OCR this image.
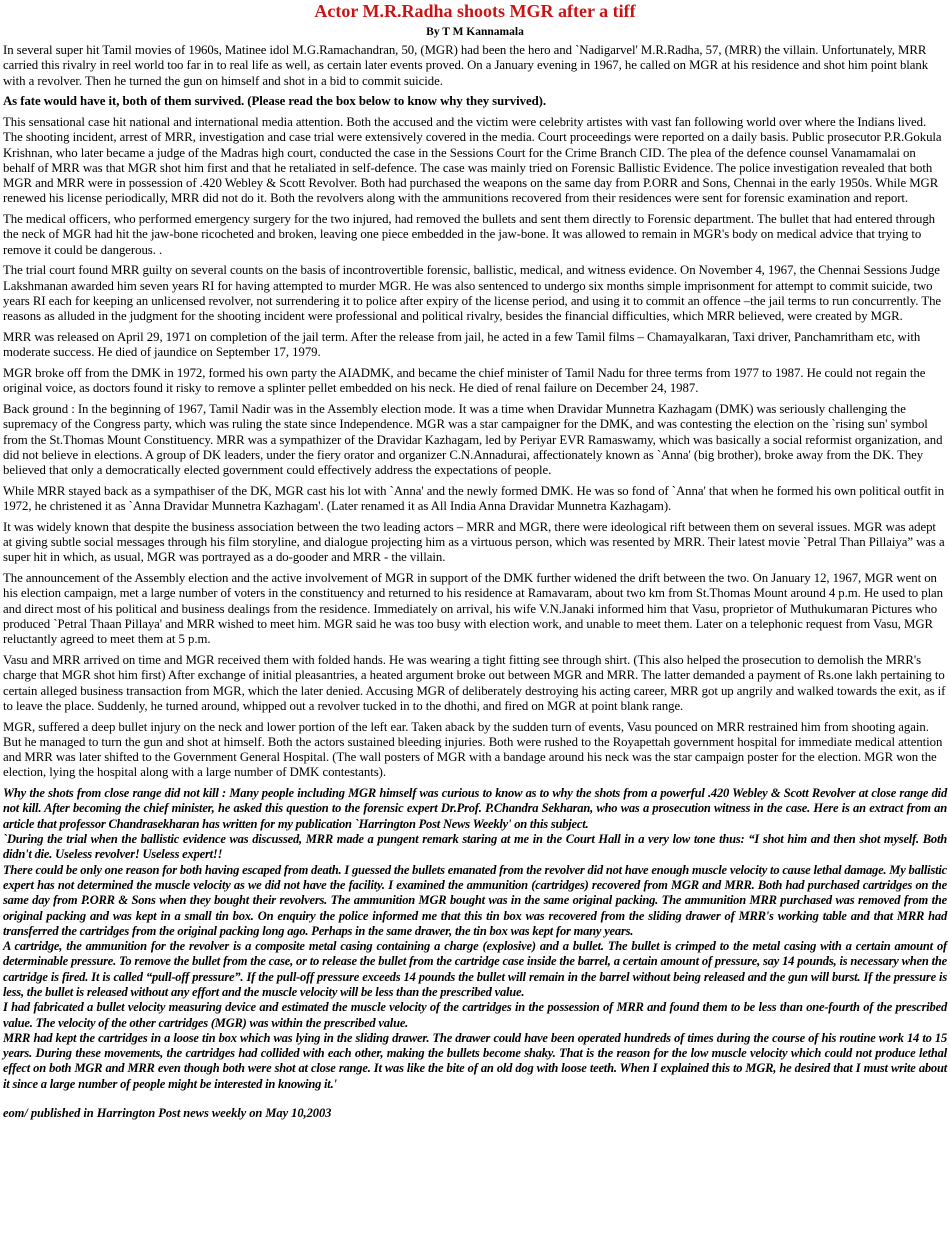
Actor M.R.Radha shoots MGR after a tiff
By T M Kannamala

In several super hit Tamil movies of 1960s, Matinee idol M.G.Ramachandran, 50, (MGR) had been the hero and `Nadigarvel' M.R.Radha, 57, (MRR) the villain. Unfortunately, MRR carried this rivalry in reel world too far in to real life as well, as certain later events proved. On a January evening in 1967, he called on MGR at his residence and shot him point blank with a revolver. Then he turned the gun on himself and shot in a bid to commit suicide.

As fate would have it, both of them survived. (Please read the box below to know why they survived).

This sensational case hit national and international media attention. Both the accused and the victim were celebrity artistes with vast fan following world over where the Indians lived. The shooting incident, arrest of MRR, investigation and case trial were extensively covered in the media. Court proceedings were reported on a daily basis. Public prosecutor P.R.Gokula Krishnan, who later became a judge of the Madras high court, conducted the case in the Sessions Court for the Crime Branch CID. The plea of the defence counsel Vanamamalai on behalf of MRR was that MGR shot him first and that he retaliated in self-defence. The case was mainly tried on Forensic Ballistic Evidence. The police investigation revealed that both MGR and MRR were in possession of .420 Webley & Scott Revolver. Both had purchased the weapons on the same day from P.ORR and Sons, Chennai in the early 1950s. While MGR renewed his license periodically, MRR did not do it. Both the revolvers along with the ammunitions recovered from their residences were sent for forensic examination and report.

The medical officers, who performed emergency surgery for the two injured, had removed the bullets and sent them directly to Forensic department. The bullet that had entered through the neck of MGR had hit the jaw-bone ricocheted and broken, leaving one piece embedded in the jaw-bone. It was allowed to remain in MGR's body on medical advice that trying to remove it could be dangerous. .

The trial court found MRR guilty on several counts on the basis of incontrovertible forensic, ballistic, medical, and witness evidence. On November 4, 1967, the Chennai Sessions Judge Lakshmanan awarded him seven years RI for having attempted to murder MGR. He was also sentenced to undergo six months simple imprisonment for attempt to commit suicide, two years RI each for keeping an unlicensed revolver, not surrendering it to police after expiry of the license period, and using it to commit an offence –the jail terms to run concurrently. The reasons as alluded in the judgment for the shooting incident were professional and political rivalry, besides the financial difficulties, which MRR believed, were created by MGR.

MRR was released on April 29, 1971 on completion of the jail term. After the release from jail, he acted in a few Tamil films – Chamayalkaran, Taxi driver, Panchamritham etc, with moderate success. He died of jaundice on September 17, 1979.

MGR broke off from the DMK in 1972, formed his own party the AIADMK, and became the chief minister of Tamil Nadu for three terms from 1977 to 1987. He could not regain the original voice, as doctors found it risky to remove a splinter pellet embedded on his neck. He died of renal failure on December 24, 1987.

Back ground : In the beginning of 1967, Tamil Nadir was in the Assembly election mode. It was a time when Dravidar Munnetra Kazhagam (DMK) was seriously challenging the supremacy of the Congress party, which was ruling the state since Independence. MGR was a star campaigner for the DMK, and was contesting the election on the `rising sun' symbol from the St.Thomas Mount Constituency. MRR was a sympathizer of the Dravidar Kazhagam, led by Periyar EVR Ramaswamy, which was basically a social reformist organization, and did not believe in elections. A group of DK leaders, under the fiery orator and organizer C.N.Annadurai, affectionately known as `Anna' (big brother), broke away from the DK. They believed that only a democratically elected government could effectively address the expectations of people.

While MRR stayed back as a sympathiser of the DK, MGR cast his lot with `Anna' and the newly formed DMK. He was so fond of `Anna' that when he formed his own political outfit in 1972, he christened it as `Anna Dravidar Munnetra Kazhagam'. (Later renamed it as All India Anna Dravidar Munnetra Kazhagam).

It was widely known that despite the business association between the two leading actors – MRR and MGR, there were ideological rift between them on several issues. MGR was adept at giving subtle social messages through his film storyline, and dialogue projecting him as a virtuous person, which was resented by MRR. Their latest movie `Petral Than Pillaiya” was a super hit in which, as usual, MGR was portrayed as a do-gooder and MRR - the villain.

The announcement of the Assembly election and the active involvement of MGR in support of the DMK further widened the drift between the two. On January 12, 1967, MGR went on his election campaign, met a large number of voters in the constituency and returned to his residence at Ramavaram, about two km from St.Thomas Mount around 4 p.m. He used to plan and direct most of his political and business dealings from the residence. Immediately on arrival, his wife V.N.Janaki informed him that Vasu, proprietor of Muthukumaran Pictures who produced `Petral Thaan Pillaya' and MRR wished to meet him. MGR said he was too busy with election work, and unable to meet them. Later on a telephonic request from Vasu, MGR reluctantly agreed to meet them at 5 p.m.

Vasu and MRR arrived on time and MGR received them with folded hands. He was wearing a tight fitting see through shirt. (This also helped the prosecution to demolish the MRR's charge that MGR shot him first) After exchange of initial pleasantries, a heated argument broke out between MGR and MRR. The latter demanded a payment of Rs.one lakh pertaining to certain alleged business transaction from MGR, which the later denied. Accusing MGR of deliberately destroying his acting career, MRR got up angrily and walked towards the exit, as if to leave the place. Suddenly, he turned around, whipped out a revolver tucked in to the dhothi, and fired on MGR at point blank range.

MGR, suffered a deep bullet injury on the neck and lower portion of the left ear. Taken aback by the sudden turn of events, Vasu pounced on MRR restrained him from shooting again. But he managed to turn the gun and shot at himself. Both the actors sustained bleeding injuries. Both were rushed to the Royapettah government hospital for immediate medical attention and MRR was later shifted to the Government General Hospital. (The wall posters of MGR with a bandage around his neck was the star campaign poster for the election. MGR won the election, lying the hospital along with a large number of DMK contestants).

Why the shots from close range did not kill : Many people including MGR himself was curious to know as to why the shots from a powerful .420 Webley & Scott Revolver at close range did not kill. After becoming the chief minister, he asked this question to the forensic expert Dr.Prof. P.Chandra Sekharan, who was a prosecution witness in the case. Here is an extract from an article that professor Chandrasekharan has written for my publication `Harrington Post News Weekly' on this subject.

`During the trial when the ballistic evidence was discussed, MRR made a pungent remark staring at me in the Court Hall in a very low tone thus: “I shot him and then shot myself. Both didn't die. Useless revolver! Useless expert!!

There could be only one reason for both having escaped from death. I guessed the bullets emanated from the revolver did not have enough muscle velocity to cause lethal damage. My ballistic expert has not determined the muscle velocity as we did not have the facility. I examined the ammunition (cartridges) recovered from MGR and MRR. Both had purchased cartridges on the same day from P.ORR & Sons when they bought their revolvers. The ammunition MGR bought was in the same original packing. The ammunition MRR purchased was removed from the original packing and was kept in a small tin box. On enquiry the police informed me that this tin box was recovered from the sliding drawer of MRR's working table and that MRR had transferred the cartridges from the original packing long ago. Perhaps in the same drawer, the tin box was kept for many years.

A cartridge, the ammunition for the revolver is a composite metal casing containing a charge (explosive) and a bullet. The bullet is crimped to the metal casing with a certain amount of determinable pressure. To remove the bullet from the case, or to release the bullet from the cartridge case inside the barrel, a certain amount of pressure, say 14 pounds, is necessary when the cartridge is fired. It is called “pull-off pressure”. If the pull-off pressure exceeds 14 pounds the bullet will remain in the barrel without being released and the gun will burst. If the pressure is less, the bullet is released without any effort and the muscle velocity will be less than the prescribed value.

I had fabricated a bullet velocity measuring device and estimated the muscle velocity of the cartridges in the possession of MRR and found them to be less than one-fourth of the prescribed value. The velocity of the other cartridges (MGR) was within the prescribed value.

MRR had kept the cartridges in a loose tin box which was lying in the sliding drawer. The drawer could have been operated hundreds of times during the course of his routine work 14 to 15 years. During these movements, the cartridges had collided with each other, making the bullets become shaky. That is the reason for the low muscle velocity which could not produce lethal effect on both MGR and MRR even though both were shot at close range. It was like the bite of an old dog with loose teeth. When I explained this to MGR, he desired that I must write about it since a large number of people might be interested in knowing it.'

eom/ published in Harrington Post news weekly on May 10,2003
